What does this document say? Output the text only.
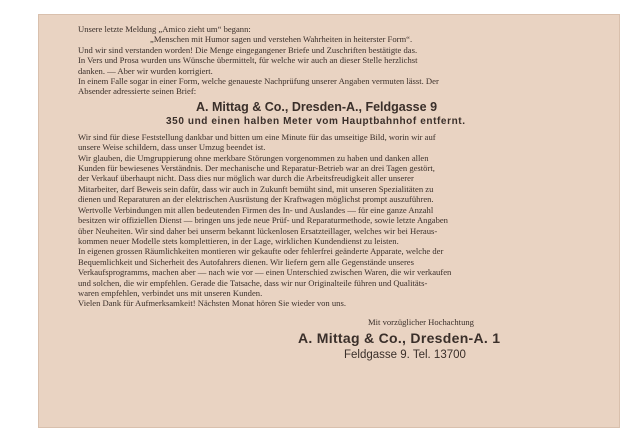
Unsere letzte Meldung „Amico zieht um“ begann:
„Menschen mit Humor sagen und verstehen Wahrheiten in heiterster Form“.
Und wir sind verstanden worden! Die Menge eingegangener Briefe und Zuschriften bestätigte das.
In Vers und Prosa wurden uns Wünsche übermittelt, für welche wir auch an dieser Stelle herzlichst
danken. — Aber wir wurden korrigiert.
In einem Falle sogar in einer Form, welche genaueste Nachprüfung unserer Angaben vermuten lässt. Der
Absender adressierte seinen Brief:
A. Mittag & Co., Dresden-A., Feldgasse 9
350 und einen halben Meter vom Hauptbahnhof entfernt.
Wir sind für diese Feststellung dankbar und bitten um eine Minute für das umseitige Bild, worin wir auf
unsere Weise schildern, dass unser Umzug beendet ist.
Wir glauben, die Umgruppierung ohne merkbare Störungen vorgenommen zu haben und danken allen
Kunden für bewiesenes Verständnis. Der mechanische und Reparatur-Betrieb war an drei Tagen gestört,
der Verkauf überhaupt nicht. Dass dies nur möglich war durch die Arbeitsfreudigkeit aller unserer
Mitarbeiter, darf Beweis sein dafür, dass wir auch in Zukunft bemüht sind, mit unseren Spezialitäten zu
dienen und Reparaturen an der elektrischen Ausrüstung der Kraftwagen möglichst prompt auszuführen.
Wertvolle Verbindungen mit allen bedeutenden Firmen des In- und Auslandes — für eine ganze Anzahl
besitzen wir offiziellen Dienst — bringen uns jede neue Prüf- und Reparaturmethode, sowie letzte Angaben
über Neuheiten. Wir sind daher bei unserm bekannt lückenlosen Ersatzteillager, welches wir bei Heraus-
kommen neuer Modelle stets komplettieren, in der Lage, wirklichen Kundendienst zu leisten.
In eigenen grossen Räumlichkeiten montieren wir gekaufte oder fehlerfrei geänderte Apparate, welche der
Bequemlichkeit und Sicherheit des Autofahrers dienen. Wir liefern gern alle Gegenstände unseres
Verkaufsprogramms, machen aber — nach wie vor — einen Unterschied zwischen Waren, die wir verkaufen
und solchen, die wir empfehlen. Gerade die Tatsache, dass wir nur Originalteile führen und Qualitäts-
waren empfehlen, verbindet uns mit unseren Kunden.
Vielen Dank für Aufmerksamkeit! Nächsten Monat hören Sie wieder von uns.
Mit vorzüglicher Hochachtung
A. Mittag & Co., Dresden-A. 1
Feldgasse 9. Tel. 13700
